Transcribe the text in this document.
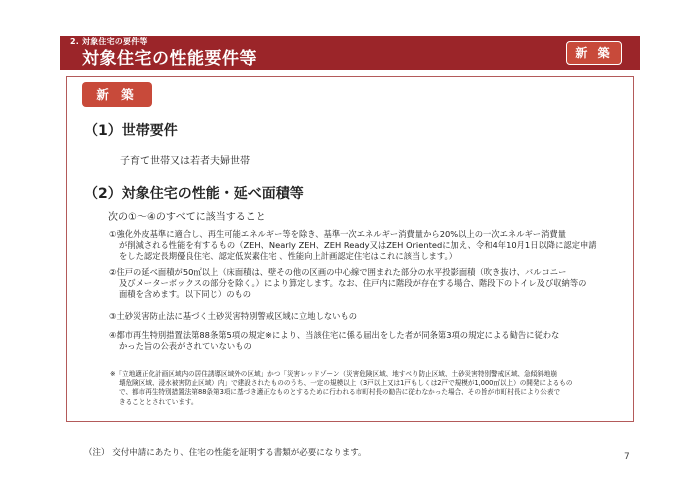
2. 対象住宅の要件等
対象住宅の性能要件等	新 築
新 築
（1）世帯要件
子育て世帯又は若者夫婦世帯
（2）対象住宅の性能・延べ面積等
次の①～④のすべてに該当すること
①強化外皮基準に適合し、再生可能エネルギー等を除き、基準一次エネルギー消費量から20%以上の一次エネルギー消費量
が削減される性能を有するもの（ZEH、Nearly ZEH、ZEH Ready又はZEH Orientedに加え、令和4年10月1日以降に認定申請
をした認定長期優良住宅、認定低炭素住宅 、性能向上計画認定住宅はこれに該当します。）
②住戸の延べ面積が50㎡以上（床面積は、壁その他の区画の中心線で囲まれた部分の水平投影面積（吹き抜け、バルコニー
及びメーターボックスの部分を除く。）により算定します。なお、住戸内に階段が存在する場合、階段下のトイレ及び収納等の
面積を含めます。以下同じ）のもの
③土砂災害防止法に基づく土砂災害特別警戒区域に立地しないもの
④都市再生特別措置法第88条第5項の規定※により、当該住宅に係る届出をした者が同条第3項の規定による勧告に従わな
かった旨の公表がされていないもの
※「立地適正化計画区域内の居住誘導区域外の区域」かつ「災害レッドゾーン（災害危険区域、地すべり防止区域、土砂災害特別警戒区域、急傾斜地崩
壊危険区域、浸水被害防止区域）内」で建設されたもののうち、一定の規模以上（3戸以上又は1戸もしくは2戸で規模が1,000㎡以上）の開発によるもの
で、都市再生特別措置法第88条第3項に基づき適正なものとするために行われる市町村長の勧告に従わなかった場合、その旨が市町村長により公表で
きることとされています。
（注） 交付申請にあたり、住宅の性能を証明する書類が必要になります。	7
